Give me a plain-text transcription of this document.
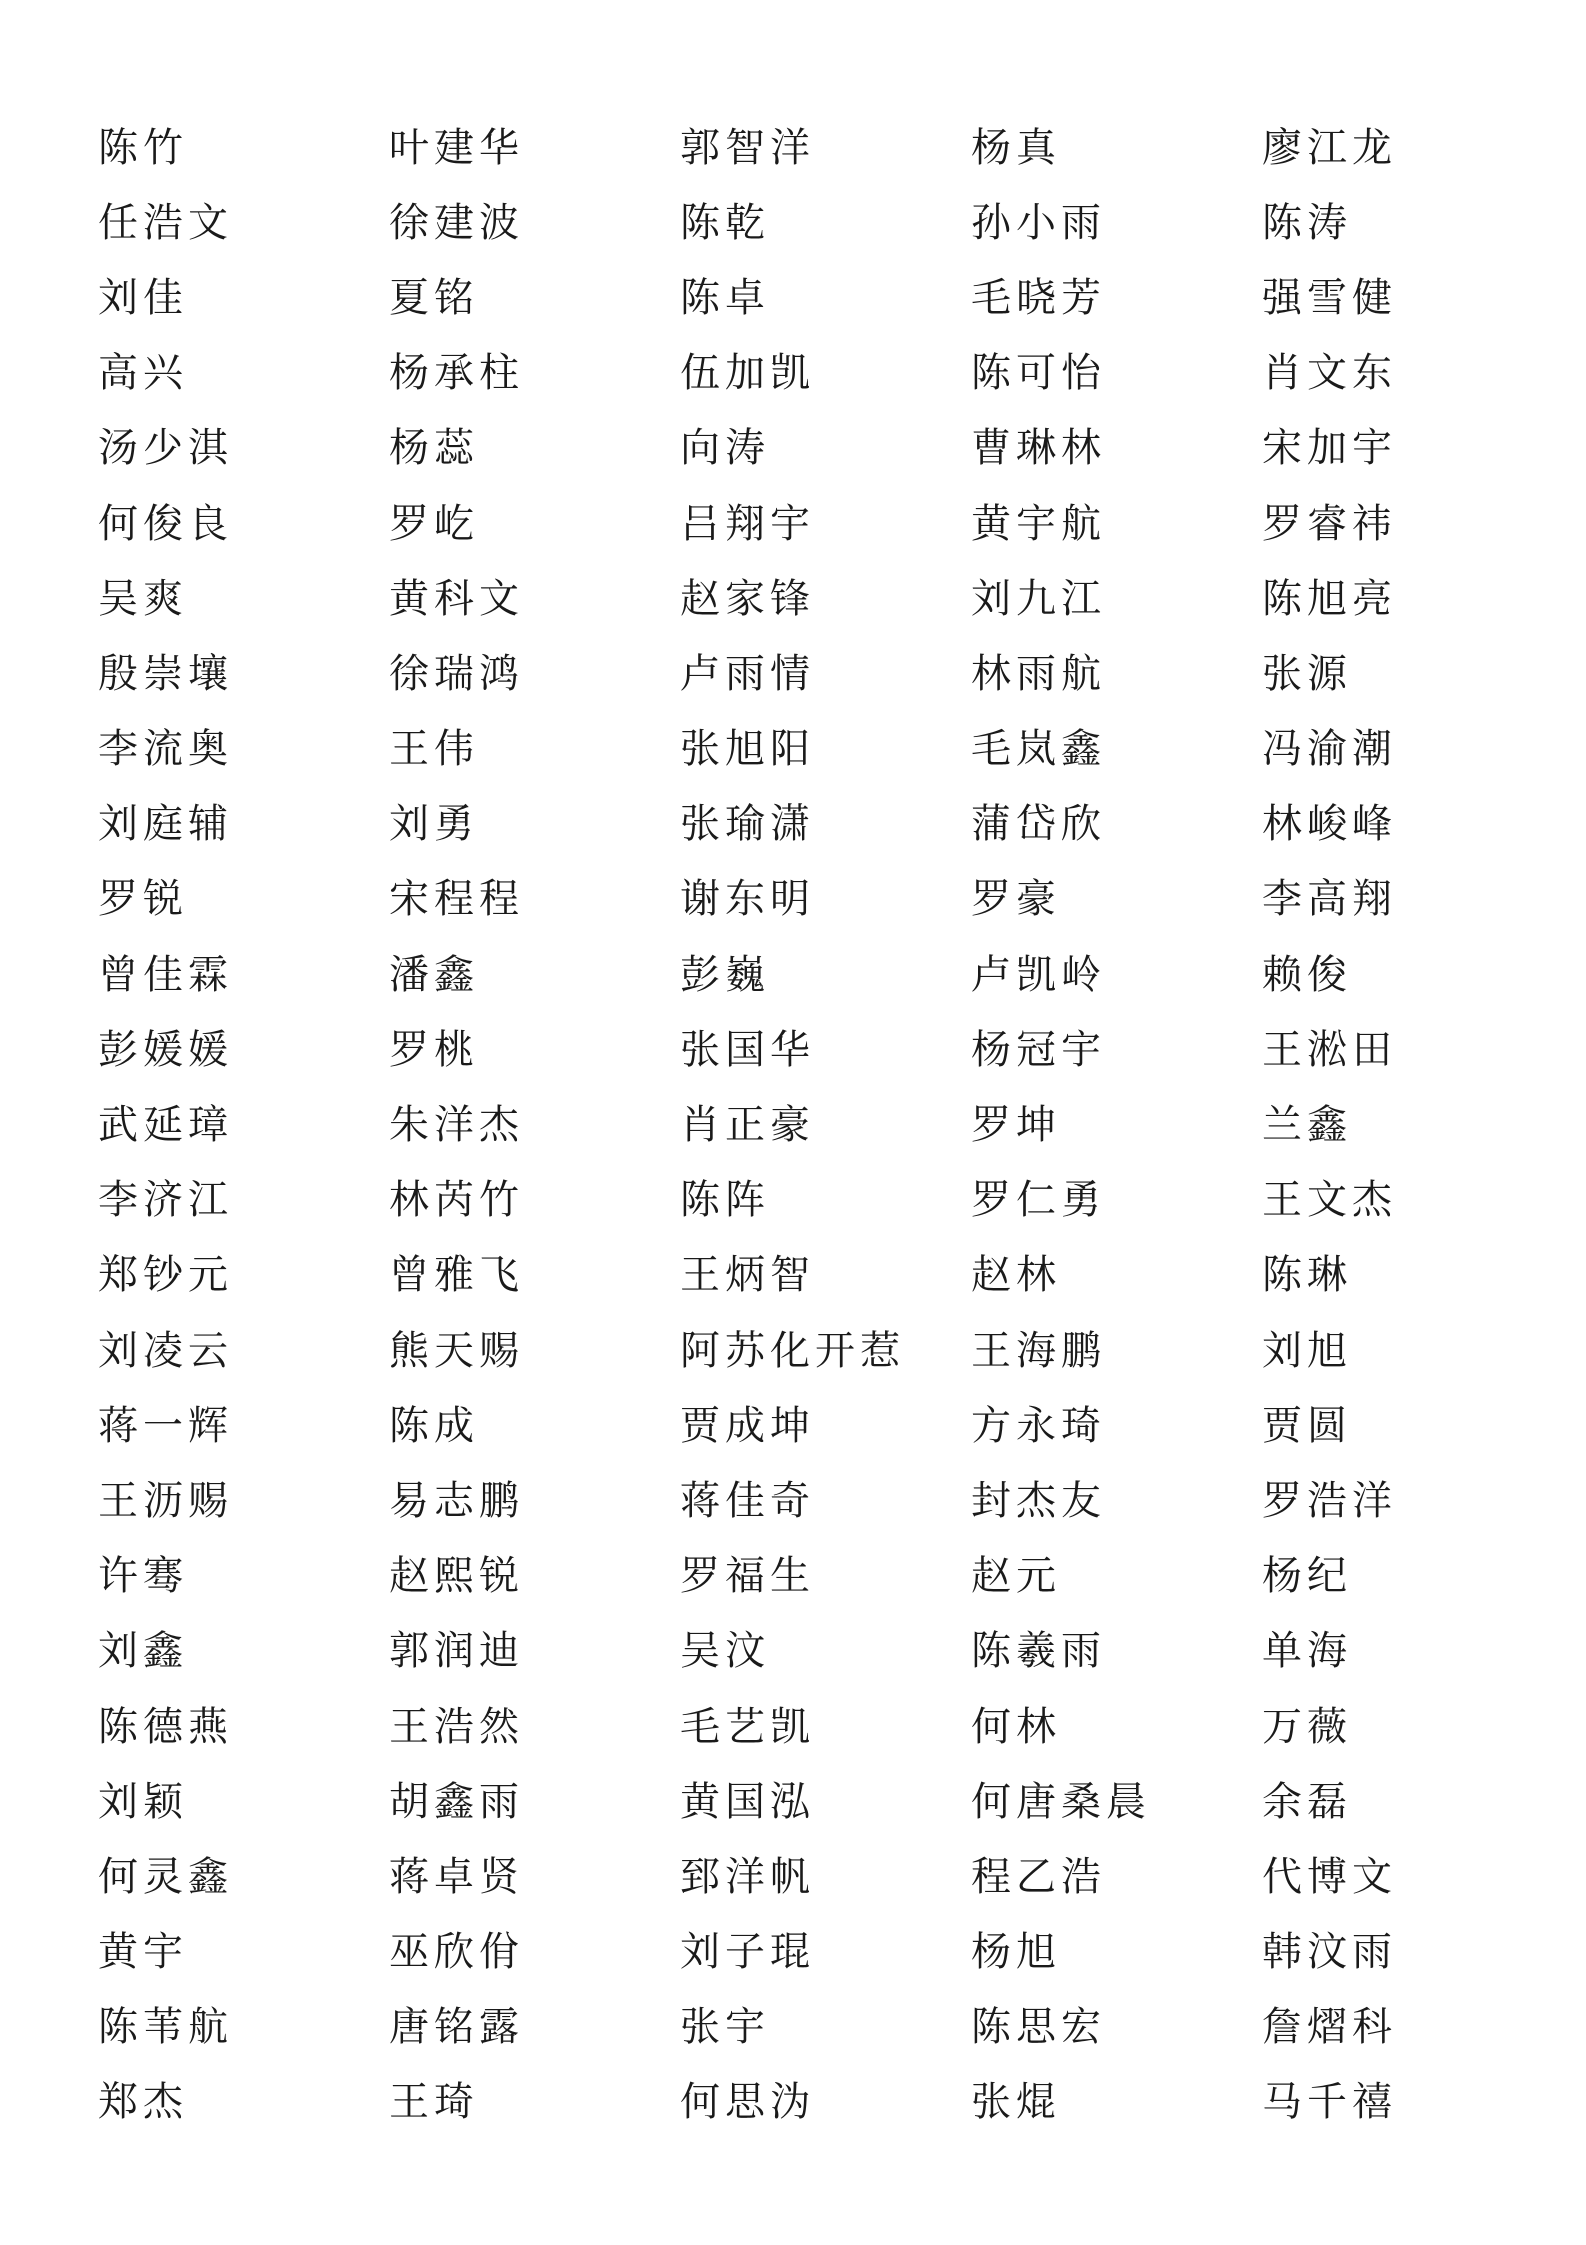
陈竹	叶建华	郭智洋	杨真	廖江龙
任浩文	徐建波	陈乾	孙小雨	陈涛
刘佳	夏铭	陈卓	毛晓芳	强雪健
高兴	杨承柱	伍加凯	陈可怡	肖文东
汤少淇	杨蕊	向涛	曹琳林	宋加宇
何俊良	罗屹	吕翔宇	黄宇航	罗睿祎
吴爽	黄科文	赵家锋	刘九江	陈旭亮
殷崇壤	徐瑞鸿	卢雨情	林雨航	张源
李流奥	王伟	张旭阳	毛岚鑫	冯渝潮
刘庭辅	刘勇	张瑜潇	蒲岱欣	林峻峰
罗锐	宋程程	谢东明	罗豪	李高翔
曾佳霖	潘鑫	彭巍	卢凯岭	赖俊
彭媛媛	罗桃	张国华	杨冠宇	王淞田
武延璋	朱洋杰	肖正豪	罗坤	兰鑫
李济江	林芮竹	陈阵	罗仁勇	王文杰
郑钞元	曾雅飞	王炳智	赵林	陈琳
刘凌云	熊天赐	阿苏化开惹	王海鹏	刘旭
蒋一辉	陈成	贾成坤	方永琦	贾圆
王沥赐	易志鹏	蒋佳奇	封杰友	罗浩洋
许骞	赵熙锐	罗福生	赵元	杨纪
刘鑫	郭润迪	吴汶	陈羲雨	单海
陈德燕	王浩然	毛艺凯	何林	万薇
刘颖	胡鑫雨	黄国泓	何唐桑晨	余磊
何灵鑫	蒋卓贤	郅洋帆	程乙浩	代博文
黄宇	巫欣佾	刘子琨	杨旭	韩汶雨
陈苇航	唐铭露	张宇	陈思宏	詹熠科
郑杰	王琦	何思沩	张焜	马千禧
